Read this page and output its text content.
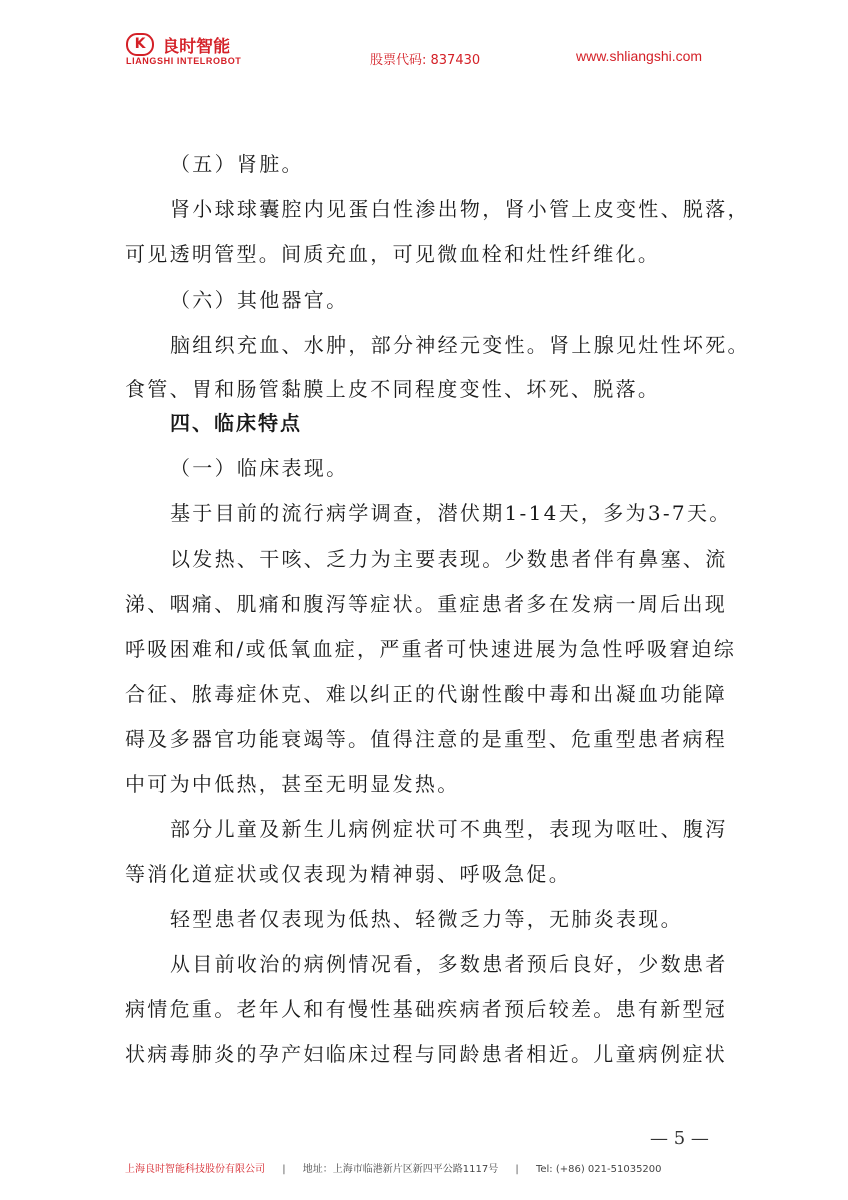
K 良时智能
LIANGSHI INTELROBOT	股票代码: 837430	www.shliangshi.com
（五）肾脏。
肾小球球囊腔内见蛋白性渗出物，肾小管上皮变性、脱落，
可见透明管型。间质充血，可见微血栓和灶性纤维化。
（六）其他器官。
脑组织充血、水肿，部分神经元变性。肾上腺见灶性坏死。
食管、胃和肠管黏膜上皮不同程度变性、坏死、脱落。
四、临床特点
（一）临床表现。
基于目前的流行病学调查，潜伏期1-14天，多为3-7天。
以发热、干咳、乏力为主要表现。少数患者伴有鼻塞、流
涕、咽痛、肌痛和腹泻等症状。重症患者多在发病一周后出现
呼吸困难和/或低氧血症，严重者可快速进展为急性呼吸窘迫综
合征、脓毒症休克、难以纠正的代谢性酸中毒和出凝血功能障
碍及多器官功能衰竭等。值得注意的是重型、危重型患者病程
中可为中低热，甚至无明显发热。
部分儿童及新生儿病例症状可不典型，表现为呕吐、腹泻
等消化道症状或仅表现为精神弱、呼吸急促。
轻型患者仅表现为低热、轻微乏力等，无肺炎表现。
从目前收治的病例情况看，多数患者预后良好，少数患者
病情危重。老年人和有慢性基础疾病者预后较差。患有新型冠
状病毒肺炎的孕产妇临床过程与同龄患者相近。儿童病例症状
— 5 —
上海良时智能科技股份有限公司 | 地址：上海市临港新片区新四平公路1117号 | Tel: (+86) 021-51035200
